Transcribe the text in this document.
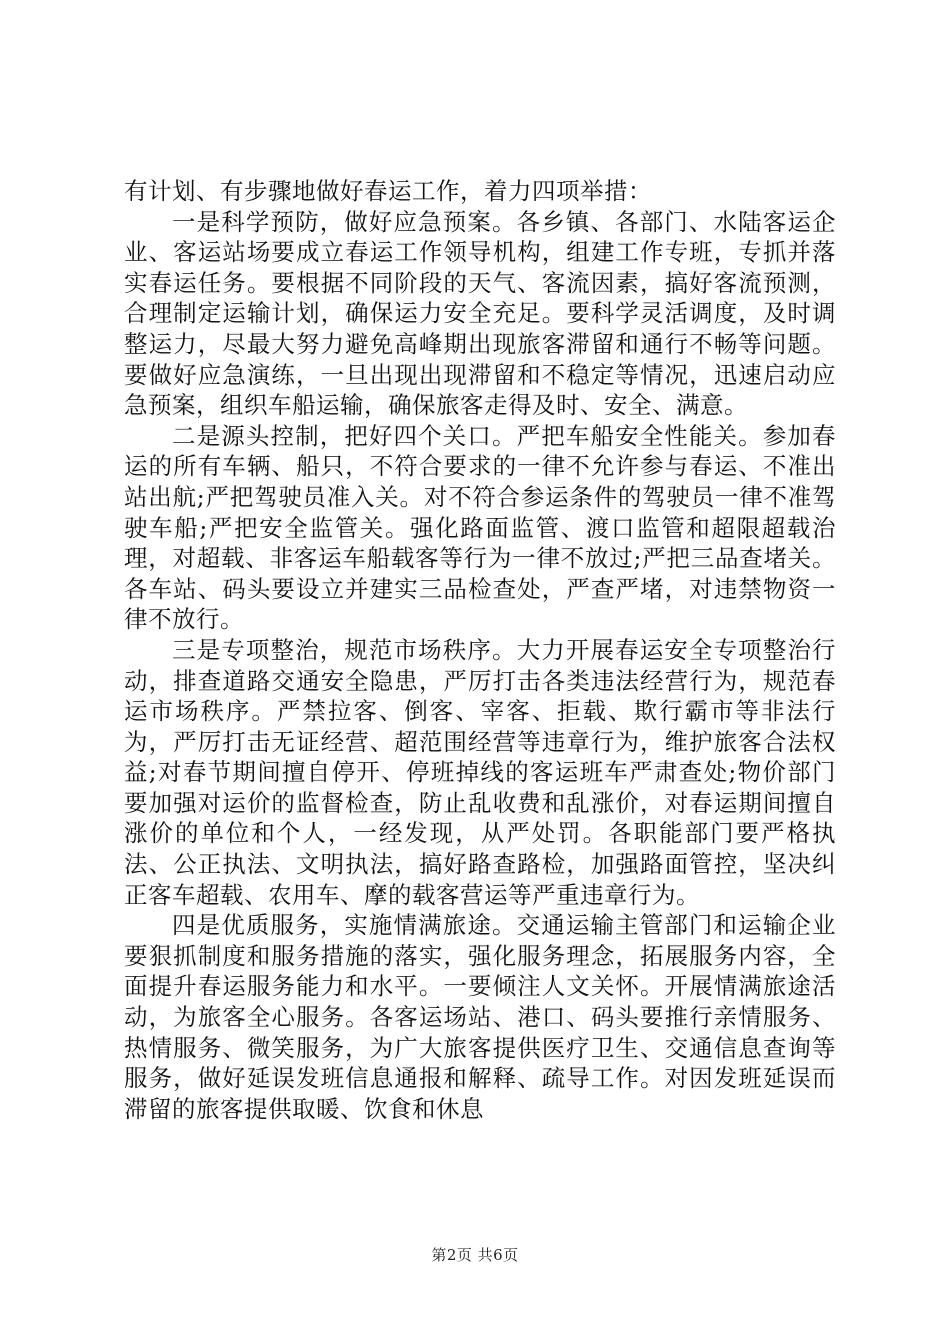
有计划、有步骤地做好春运工作，着力四项举措：

一是科学预防，做好应急预案。各乡镇、各部门、水陆客运企业、客运站场要成立春运工作领导机构，组建工作专班，专抓并落实春运任务。要根据不同阶段的天气、客流因素，搞好客流预测，合理制定运输计划，确保运力安全充足。要科学灵活调度，及时调整运力，尽最大努力避免高峰期出现旅客滞留和通行不畅等问题。要做好应急演练，一旦出现出现滞留和不稳定等情况，迅速启动应急预案，组织车船运输，确保旅客走得及时、安全、满意。

二是源头控制，把好四个关口。严把车船安全性能关。参加春运的所有车辆、船只，不符合要求的一律不允许参与春运、不准出站出航;严把驾驶员准入关。对不符合参运条件的驾驶员一律不准驾驶车船;严把安全监管关。强化路面监管、渡口监管和超限超载治理，对超载、非客运车船载客等行为一律不放过;严把三品查堵关。各车站、码头要设立并建实三品检查处，严查严堵，对违禁物资一律不放行。

三是专项整治，规范市场秩序。大力开展春运安全专项整治行动，排查道路交通安全隐患，严厉打击各类违法经营行为，规范春运市场秩序。严禁拉客、倒客、宰客、拒载、欺行霸市等非法行为，严厉打击无证经营、超范围经营等违章行为，维护旅客合法权益;对春节期间擅自停开、停班掉线的客运班车严肃查处;物价部门要加强对运价的监督检查，防止乱收费和乱涨价，对春运期间擅自涨价的单位和个人，一经发现，从严处罚。各职能部门要严格执法、公正执法、文明执法，搞好路查路检，加强路面管控，坚决纠正客车超载、农用车、摩的载客营运等严重违章行为。

四是优质服务，实施情满旅途。交通运输主管部门和运输企业要狠抓制度和服务措施的落实，强化服务理念，拓展服务内容，全面提升春运服务能力和水平。一要倾注人文关怀。开展情满旅途活动，为旅客全心服务。各客运场站、港口、码头要推行亲情服务、热情服务、微笑服务，为广大旅客提供医疗卫生、交通信息查询等服务，做好延误发班信息通报和解释、疏导工作。对因发班延误而滞留的旅客提供取暖、饮食和休息

第2页 共6页
